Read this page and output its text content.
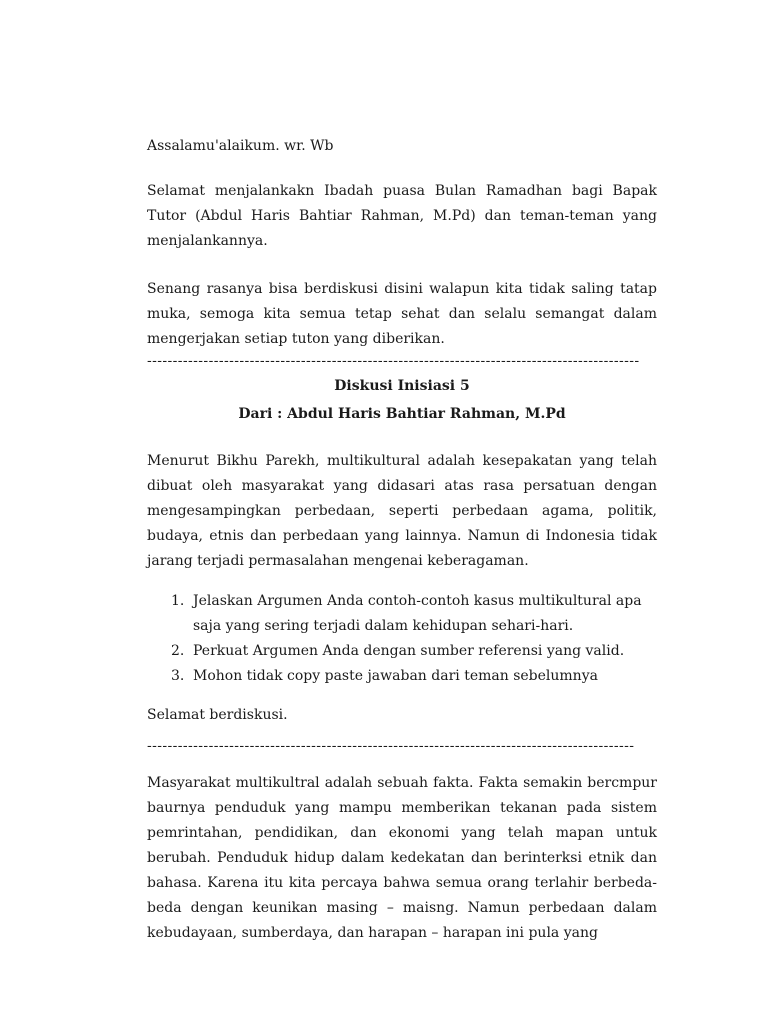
Assalamu'alaikum. wr. Wb

Selamat menjalankakn Ibadah puasa Bulan Ramadhan bagi Bapak Tutor (Abdul Haris Bahtiar Rahman, M.Pd) dan teman-teman yang menjalankannya.

Senang rasanya bisa berdiskusi disini walapun kita tidak saling tatap muka, semoga kita semua tetap sehat dan selalu semangat dalam mengerjakan setiap tuton yang diberikan.

------------------------------------------------------------------------------------------------

Diskusi Inisiasi 5

Dari : Abdul Haris Bahtiar Rahman, M.Pd

Menurut Bikhu Parekh, multikultural adalah kesepakatan yang telah dibuat oleh masyarakat yang didasari atas rasa persatuan dengan mengesampingkan perbedaan, seperti perbedaan agama, politik, budaya, etnis dan perbedaan yang lainnya. Namun di Indonesia tidak jarang terjadi permasalahan mengenai keberagaman.

1. Jelaskan Argumen Anda contoh-contoh kasus multikultural apa saja yang sering terjadi dalam kehidupan sehari-hari.
2. Perkuat Argumen Anda dengan sumber referensi yang valid.
3. Mohon tidak copy paste jawaban dari teman sebelumnya

Selamat berdiskusi.

-----------------------------------------------------------------------------------------------

Masyarakat multikultral adalah sebuah fakta. Fakta semakin bercmpur baurnya penduduk yang mampu memberikan tekanan pada sistem pemrintahan, pendidikan, dan ekonomi yang telah mapan untuk berubah. Penduduk hidup dalam kedekatan dan berinterksi etnik dan bahasa. Karena itu kita percaya bahwa semua orang terlahir berbeda-beda dengan keunikan masing – maisng. Namun perbedaan dalam kebudayaan, sumberdaya, dan harapan – harapan ini pula yang
